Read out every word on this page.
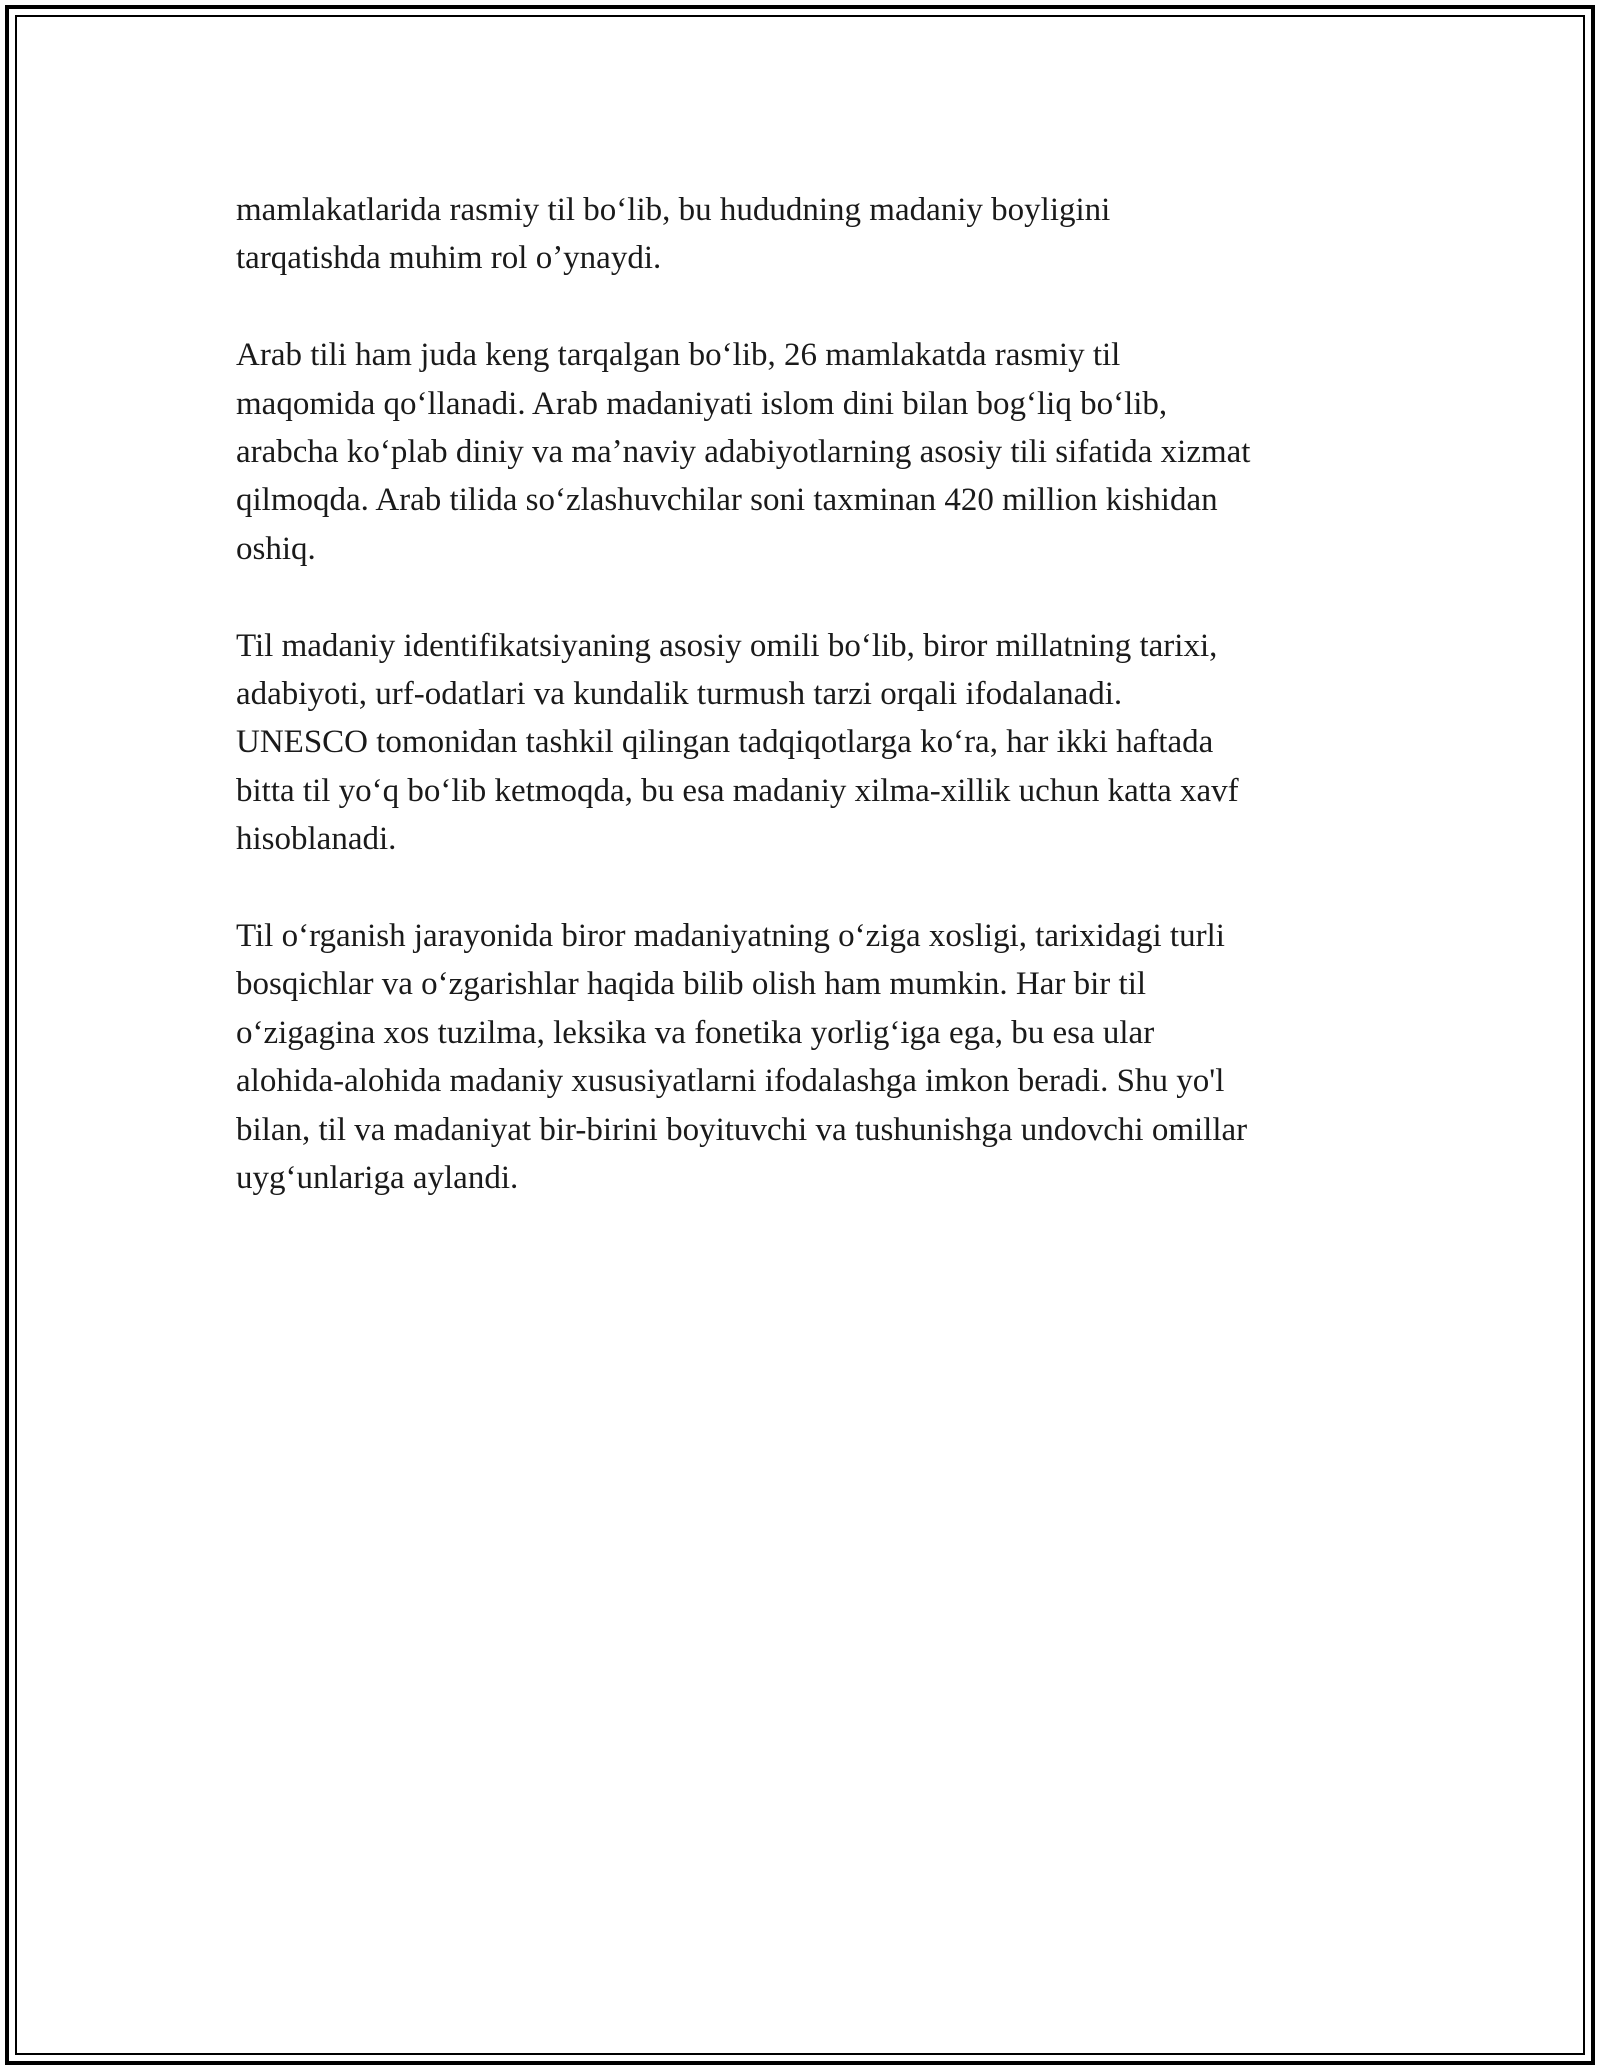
mamlakatlarida rasmiy til boʻlib, bu hududning madaniy boyligini
tarqatishda muhim rol oʼynaydi.

Arab tili ham juda keng tarqalgan boʻlib, 26 mamlakatda rasmiy til
maqomida qoʻllanadi. Arab madaniyati islom dini bilan bogʻliq boʻlib,
arabcha koʻplab diniy va maʼnaviy adabiyotlarning asosiy tili sifatida xizmat
qilmoqda. Arab tilida soʻzlashuvchilar soni taxminan 420 million kishidan
oshiq.

Til madaniy identifikatsiyaning asosiy omili boʻlib, biror millatning tarixi,
adabiyoti, urf-odatlari va kundalik turmush tarzi orqali ifodalanadi.
UNESCO tomonidan tashkil qilingan tadqiqotlarga koʻra, har ikki haftada
bitta til yoʻq boʻlib ketmoqda, bu esa madaniy xilma-xillik uchun katta xavf
hisoblanadi.

Til oʻrganish jarayonida biror madaniyatning oʻziga xosligi, tarixidagi turli
bosqichlar va oʻzgarishlar haqida bilib olish ham mumkin. Har bir til
oʻzigagina xos tuzilma, leksika va fonetika yorligʻiga ega, bu esa ular
alohida-alohida madaniy xususiyatlarni ifodalashga imkon beradi. Shu yo'l
bilan, til va madaniyat bir-birini boyituvchi va tushunishga undovchi omillar
uygʻunlariga aylandi.
